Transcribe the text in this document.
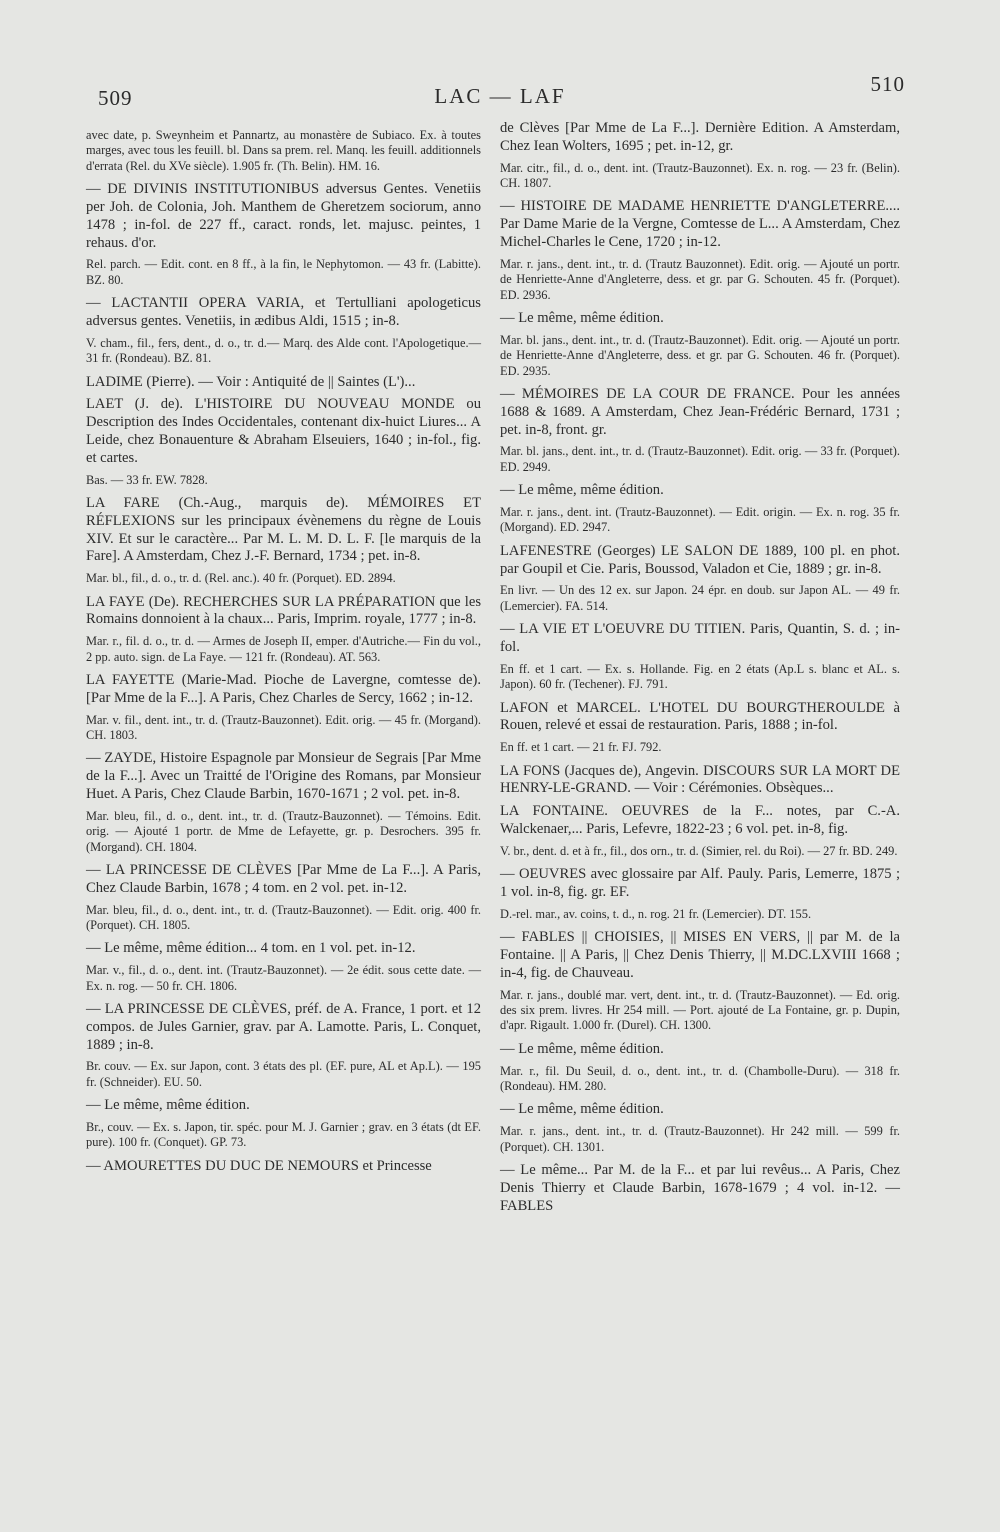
509	LAC — LAF	510

avec date, p. Sweynheim et Pannartz, au monastère de Subiaco. Ex. à toutes marges, avec tous les feuill. bl. Dans sa prem. rel. Manq. les feuill. additionnels d'errata (Rel. du XVe siècle). 1.905 fr. (Th. Belin). HM. 16.

— DE DIVINIS INSTITUTIONIBUS adversus Gentes. Venetiis per Joh. de Colonia, Joh. Manthem de Gheretzem sociorum, anno 1478 ; in-fol. de 227 ff., caract. ronds, let. majusc. peintes, 1 rehaus. d'or.

Rel. parch. — Edit. cont. en 8 ff., à la fin, le Nephytomon. — 43 fr. (Labitte). BZ. 80.

— LACTANTII OPERA VARIA, et Tertulliani apologeticus adversus gentes. Venetiis, in ædibus Aldi, 1515 ; in-8.

V. cham., fil., fers, dent., d. o., tr. d.— Marq. des Alde cont. l'Apologetique.— 31 fr. (Rondeau). BZ. 81.

LADIME (Pierre). — Voir : Antiquité de || Saintes (L')...

LAET (J. de). L'HISTOIRE DU NOUVEAU MONDE ou Description des Indes Occidentales, contenant dix-huict Liures... A Leide, chez Bonauenture & Abraham Elseuiers, 1640 ; in-fol., fig. et cartes.

Bas. — 33 fr. EW. 7828.

LA FARE (Ch.-Aug., marquis de). MÉMOIRES ET RÉFLEXIONS sur les principaux évènemens du règne de Louis XIV. Et sur le caractère... Par M. L. M. D. L. F. [le marquis de la Fare]. A Amsterdam, Chez J.-F. Bernard, 1734 ; pet. in-8.

Mar. bl., fil., d. o., tr. d. (Rel. anc.). 40 fr. (Porquet). ED. 2894.

LA FAYE (De). RECHERCHES SUR LA PRÉPARATION que les Romains donnoient à la chaux... Paris, Imprim. royale, 1777 ; in-8.

Mar. r., fil. d. o., tr. d. — Armes de Joseph II, emper. d'Autriche.— Fin du vol., 2 pp. auto. sign. de La Faye. — 121 fr. (Rondeau). AT. 563.

LA FAYETTE (Marie-Mad. Pioche de Lavergne, comtesse de). [Par Mme de la F...]. A Paris, Chez Charles de Sercy, 1662 ; in-12.

Mar. v. fil., dent. int., tr. d. (Trautz-Bauzonnet). Edit. orig. — 45 fr. (Morgand). CH. 1803.

— ZAYDE, Histoire Espagnole par Monsieur de Segrais [Par Mme de la F...]. Avec un Traitté de l'Origine des Romans, par Monsieur Huet. A Paris, Chez Claude Barbin, 1670-1671 ; 2 vol. pet. in-8.

Mar. bleu, fil., d. o., dent. int., tr. d. (Trautz-Bauzonnet). — Témoins. Edit. orig. — Ajouté 1 portr. de Mme de Lefayette, gr. p. Desrochers. 395 fr. (Morgand). CH. 1804.

— LA PRINCESSE DE CLÈVES [Par Mme de La F...]. A Paris, Chez Claude Barbin, 1678 ; 4 tom. en 2 vol. pet. in-12.

Mar. bleu, fil., d. o., dent. int., tr. d. (Trautz-Bauzonnet). — Edit. orig. 400 fr. (Porquet). CH. 1805.

— Le même, même édition... 4 tom. en 1 vol. pet. in-12.

Mar. v., fil., d. o., dent. int. (Trautz-Bauzonnet). — 2e édit. sous cette date. — Ex. n. rog. — 50 fr. CH. 1806.

— LA PRINCESSE DE CLÈVES, préf. de A. France, 1 port. et 12 compos. de Jules Garnier, grav. par A. Lamotte. Paris, L. Conquet, 1889 ; in-8.

Br. couv. — Ex. sur Japon, cont. 3 états des pl. (EF. pure, AL et Ap.L). — 195 fr. (Schneider). EU. 50.

— Le même, même édition.

Br., couv. — Ex. s. Japon, tir. spéc. pour M. J. Garnier ; grav. en 3 états (dt EF. pure). 100 fr. (Conquet). GP. 73.

— AMOURETTES DU DUC DE NEMOURS et Princesse

de Clèves [Par Mme de La F...]. Dernière Edition. A Amsterdam, Chez Iean Wolters, 1695 ; pet. in-12, gr.

Mar. citr., fil., d. o., dent. int. (Trautz-Bauzonnet). Ex. n. rog. — 23 fr. (Belin). CH. 1807.

— HISTOIRE DE MADAME HENRIETTE D'ANGLETERRE.... Par Dame Marie de la Vergne, Comtesse de L... A Amsterdam, Chez Michel-Charles le Cene, 1720 ; in-12.

Mar. r. jans., dent. int., tr. d. (Trautz Bauzonnet). Edit. orig. — Ajouté un portr. de Henriette-Anne d'Angleterre, dess. et gr. par G. Schouten. 45 fr. (Porquet). ED. 2936.

— Le même, même édition.

Mar. bl. jans., dent. int., tr. d. (Trautz-Bauzonnet). Edit. orig. — Ajouté un portr. de Henriette-Anne d'Angleterre, dess. et gr. par G. Schouten. 46 fr. (Porquet). ED. 2935.

— MÉMOIRES DE LA COUR DE FRANCE. Pour les années 1688 & 1689. A Amsterdam, Chez Jean-Frédéric Bernard, 1731 ; pet. in-8, front. gr.

Mar. bl. jans., dent. int., tr. d. (Trautz-Bauzonnet). Edit. orig. — 33 fr. (Porquet). ED. 2949.

— Le même, même édition.

Mar. r. jans., dent. int. (Trautz-Bauzonnet). — Edit. origin. — Ex. n. rog. 35 fr. (Morgand). ED. 2947.

LAFENESTRE (Georges) LE SALON DE 1889, 100 pl. en phot. par Goupil et Cie. Paris, Boussod, Valadon et Cie, 1889 ; gr. in-8.

En livr. — Un des 12 ex. sur Japon. 24 épr. en doub. sur Japon AL. — 49 fr. (Lemercier). FA. 514.

— LA VIE ET L'OEUVRE DU TITIEN. Paris, Quantin, S. d. ; in-fol.

En ff. et 1 cart. — Ex. s. Hollande. Fig. en 2 états (Ap.L s. blanc et AL. s. Japon). 60 fr. (Techener). FJ. 791.

LAFON et MARCEL. L'HOTEL DU BOURGTHEROULDE à Rouen, relevé et essai de restauration. Paris, 1888 ; in-fol.

En ff. et 1 cart. — 21 fr. FJ. 792.

LA FONS (Jacques de), Angevin. DISCOURS SUR LA MORT DE HENRY-LE-GRAND. — Voir : Cérémonies. Obsèques...

LA FONTAINE. OEUVRES de la F... notes, par C.-A. Walckenaer,... Paris, Lefevre, 1822-23 ; 6 vol. pet. in-8, fig.

V. br., dent. d. et à fr., fil., dos orn., tr. d. (Simier, rel. du Roi). — 27 fr. BD. 249.

— OEUVRES avec glossaire par Alf. Pauly. Paris, Lemerre, 1875 ; 1 vol. in-8, fig. gr. EF.

D.-rel. mar., av. coins, t. d., n. rog. 21 fr. (Lemercier). DT. 155.

— FABLES || CHOISIES, || MISES EN VERS, || par M. de la Fontaine. || A Paris, || Chez Denis Thierry, || M.DC.LXVIII 1668 ; in-4, fig. de Chauveau.

Mar. r. jans., doublé mar. vert, dent. int., tr. d. (Trautz-Bauzonnet). — Ed. orig. des six prem. livres. Hr 254 mill. — Port. ajouté de La Fontaine, gr. p. Dupin, d'apr. Rigault. 1.000 fr. (Durel). CH. 1300.

— Le même, même édition.

Mar. r., fil. Du Seuil, d. o., dent. int., tr. d. (Chambolle-Duru). — 318 fr. (Rondeau). HM. 280.

— Le même, même édition.

Mar. r. jans., dent. int., tr. d. (Trautz-Bauzonnet). Hr 242 mill. — 599 fr. (Porquet). CH. 1301.

— Le même... Par M. de la F... et par lui revêus... A Paris, Chez Denis Thierry et Claude Barbin, 1678-1679 ; 4 vol. in-12. — FABLES
